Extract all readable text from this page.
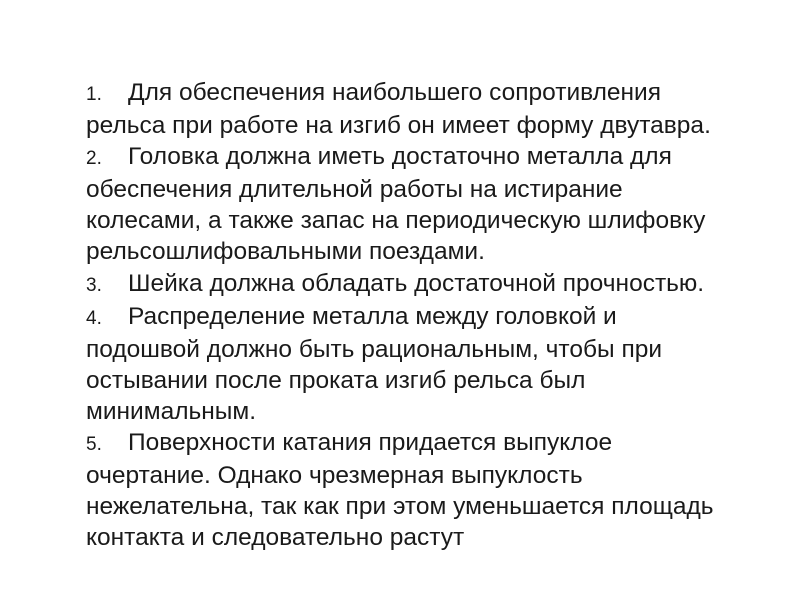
1. Для обеспечения наибольшего сопротивления рельса при работе на изгиб он имеет форму двутавра.
2. Головка должна иметь достаточно металла для обеспечения длительной работы на истирание колесами, а также запас на периодическую шлифовку рельсошлифовальными поездами.
3. Шейка должна обладать достаточной прочностью.
4. Распределение металла между головкой и подошвой должно быть рациональным, чтобы при остывании после проката изгиб рельса был минимальным.
5. Поверхности катания придается выпуклое очертание. Однако чрезмерная выпуклость нежелательна, так как при этом уменьшается площадь контакта и следовательно растут
